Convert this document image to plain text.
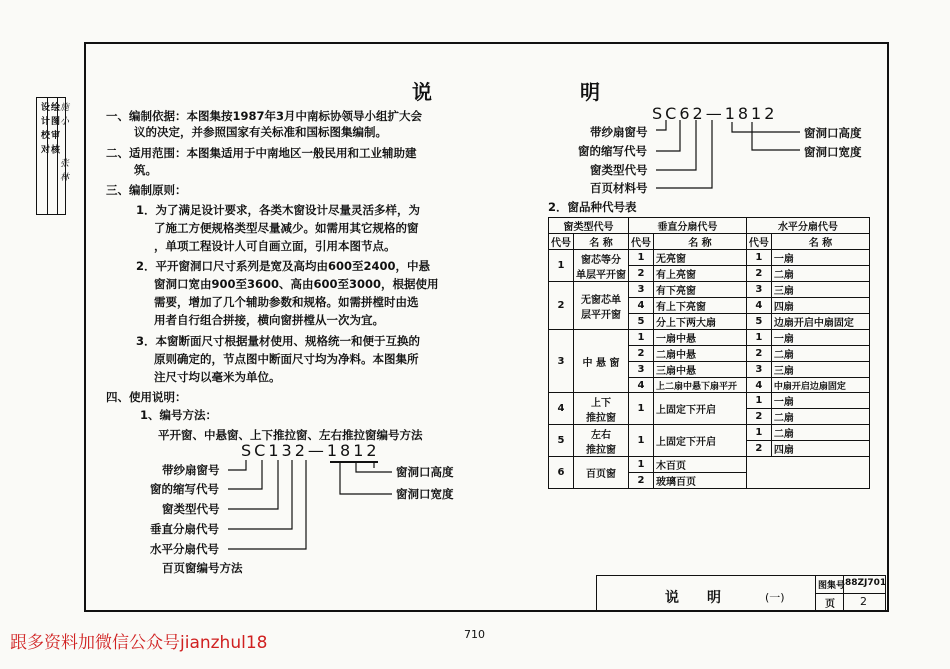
设 计 校 对 绘 图 审 核 施 小
张 林
说	明
一、编制依据：本图集按1987年3月中南标协领导小组扩大会
议的决定，并参照国家有关标准和国标图集编制。
二、适用范围：本图集适用于中南地区一般民用和工业辅助建
筑。
三、编制原则：
1．为了满足设计要求，各类木窗设计尽量灵活多样，为
了施工方便规格类型尽量减少。如需用其它规格的窗
，单项工程设计人可自画立面，引用本图节点。
2．平开窗洞口尺寸系列是宽及高均由600至2400，中悬
窗洞口宽由900至3600、高由600至3000，根据使用
需要，增加了几个辅助参数和规格。如需拼樘时由选
用者自行组合拼接，横向窗拼樘从一次为宜。
3．本窗断面尺寸根据量材使用、规格统一和便于互换的
原则确定的，节点图中断面尺寸均为净料。本图集所
注尺寸均以毫米为单位。
四、使用说明：
1、编号方法：
平开窗、中悬窗、上下推拉窗、左右推拉窗编号方法
SC132—1812
带纱扇窗号
窗的缩写代号
窗类型代号
垂直分扇代号
水平分扇代号
百页窗编号方法
窗洞口高度
窗洞口宽度
SC62—1812
带纱扇窗号
窗的缩写代号
窗类型代号
百页材料号
窗洞口高度
窗洞口宽度
2．窗品种代号表
窗类型代号		垂直分扇代号		水平分扇代号	
代号	名 称	代号	名 称	代号	名 称
1	窗芯等分
单层平开窗	1	无亮窗	1	一扇
		2	有上亮窗	2	二扇
2	无窗芯单
层平开窗	3	有下亮窗	3	三扇
		4	有上下亮窗	4	四扇
		5	分上下两大扇	5	边扇开启中扇固定
3	中 悬 窗	1	一扇中悬	1	一扇
		2	二扇中悬	2	二扇
		3	三扇中悬	3	三扇
		4	上二扇中悬下扇平开	4	中扇开启边扇固定
4	上下
推拉窗	1	上固定下开启	1	一扇
				2	二扇
5	左右
推拉窗	1	上固定下开启	1	二扇
				2	四扇
6	百页窗	1	木百页		
		2	玻璃百页		
说　　明	(一)
图集号 88ZJ701
页 2
跟多资料加微信公众号jianzhul18	710
